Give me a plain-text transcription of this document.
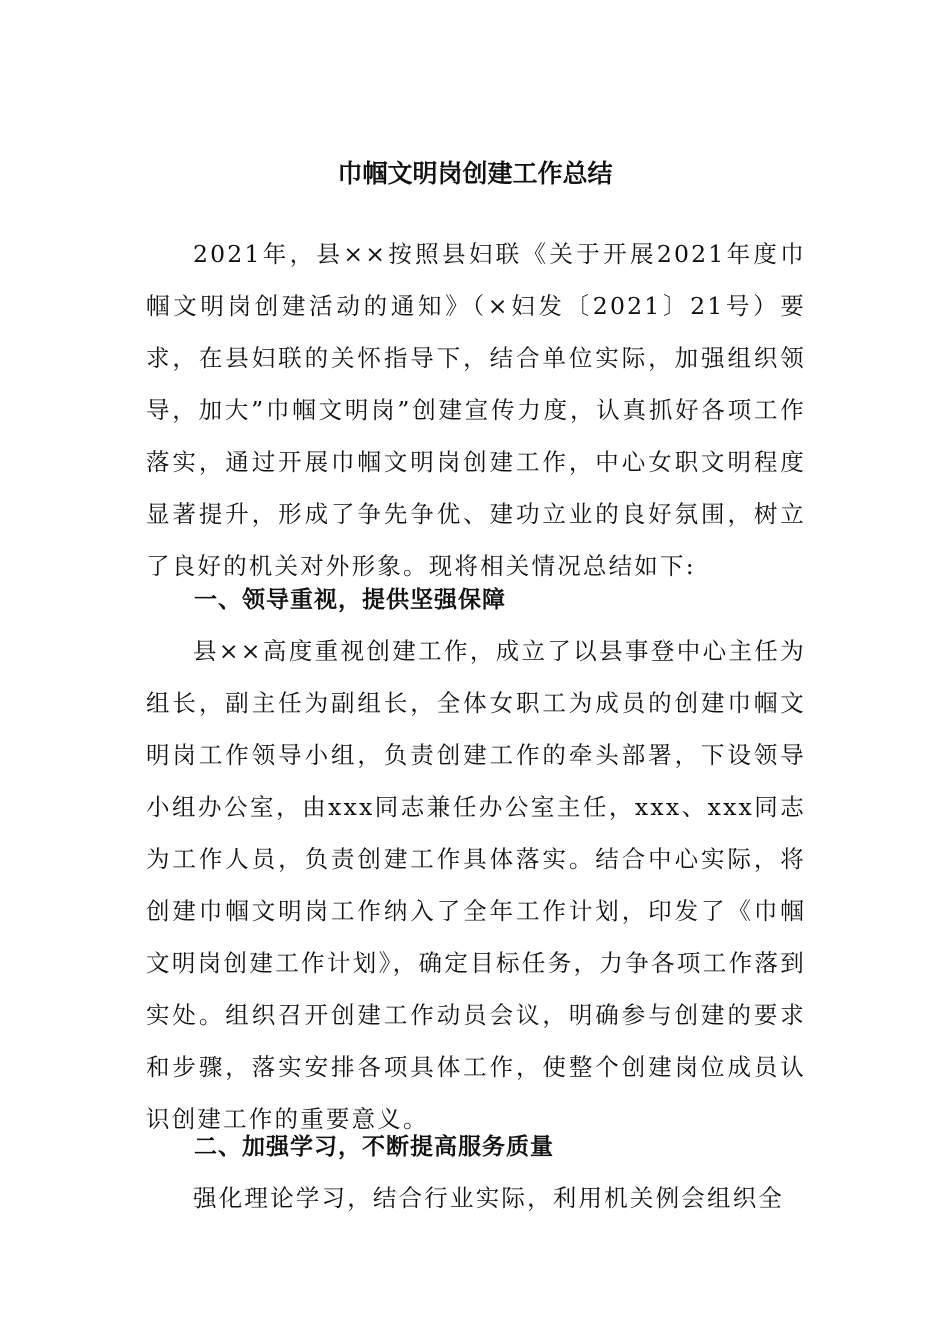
巾帼文明岗创建工作总结

2021年，县××按照县妇联《关于开展2021年度巾帼文明岗创建活动的通知》（×妇发〔2021〕21号）要求，在县妇联的关怀指导下，结合单位实际，加强组织领导，加大”巾帼文明岗”创建宣传力度，认真抓好各项工作落实，通过开展巾帼文明岗创建工作，中心女职文明程度显著提升，形成了争先争优、建功立业的良好氛围，树立了良好的机关对外形象。现将相关情况总结如下:

一、领导重视，提供坚强保障

县××高度重视创建工作，成立了以县事登中心主任为组长，副主任为副组长，全体女职工为成员的创建巾帼文明岗工作领导小组，负责创建工作的牵头部署，下设领导小组办公室，由xxx同志兼任办公室主任，xxx、xxx同志为工作人员，负责创建工作具体落实。结合中心实际，将创建巾帼文明岗工作纳入了全年工作计划，印发了《巾帼文明岗创建工作计划》，确定目标任务，力争各项工作落到实处。组织召开创建工作动员会议，明确参与创建的要求和步骤，落实安排各项具体工作，使整个创建岗位成员认识创建工作的重要意义。

二、加强学习，不断提高服务质量

强化理论学习，结合行业实际，利用机关例会组织全
